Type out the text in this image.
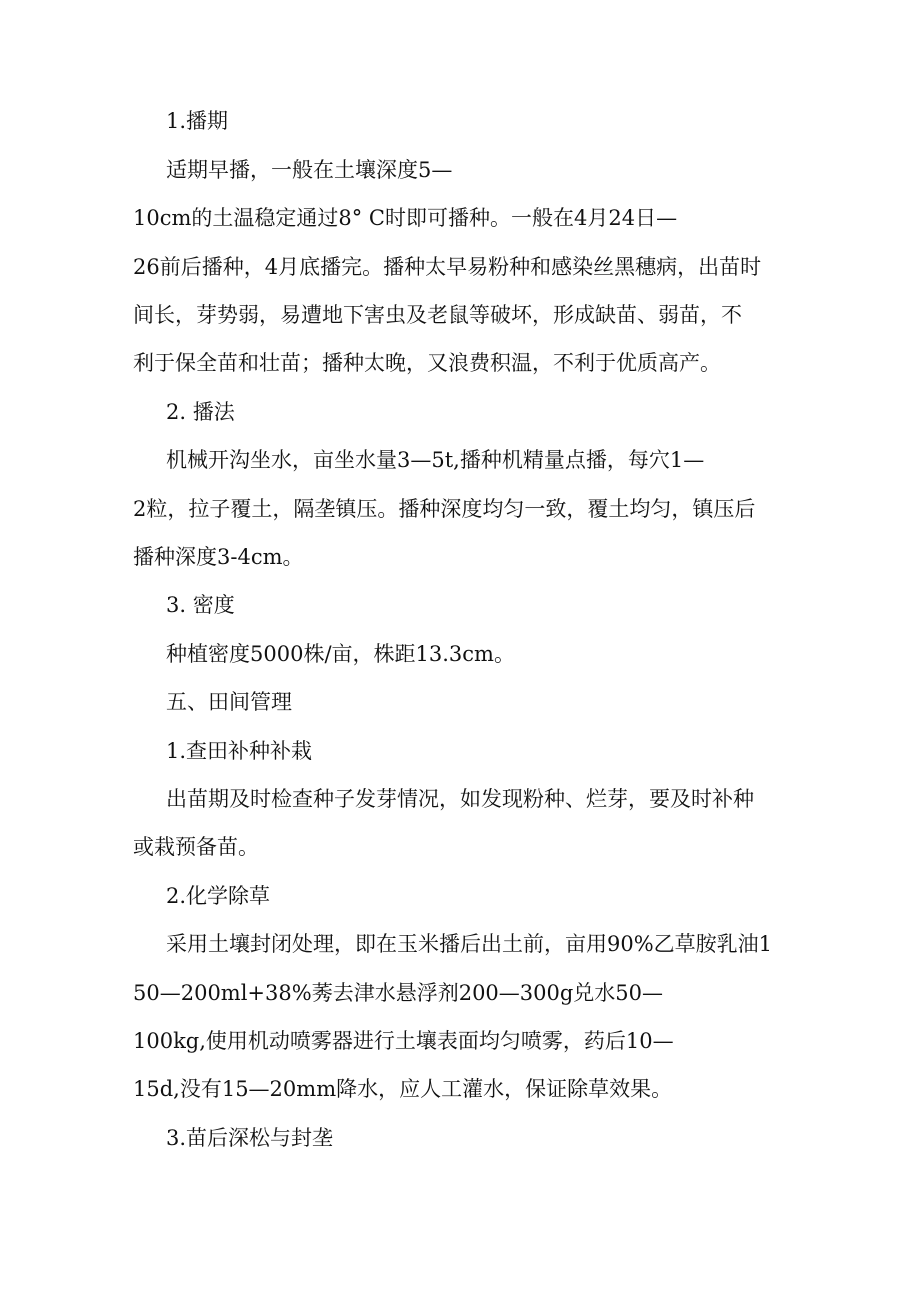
1.播期
适期早播，一般在土壤深度5—
10cm的土温稳定通过8° C时即可播种。一般在4月24日—
26前后播种，4月底播完。播种太早易粉种和感染丝黑穗病，出苗时
间长，芽势弱，易遭地下害虫及老鼠等破坏，形成缺苗、弱苗，不
利于保全苗和壮苗；播种太晚，又浪费积温，不利于优质高产。
2. 播法
机械开沟坐水，亩坐水量3—5t,播种机精量点播，每穴1—
2粒，拉子覆土，隔垄镇压。播种深度均匀一致，覆土均匀，镇压后
播种深度3-4cm。
3. 密度
种植密度5000株/亩，株距13.3cm。
五、田间管理
1.查田补种补栽
出苗期及时检查种子发芽情况，如发现粉种、烂芽，要及时补种
或栽预备苗。
2.化学除草
采用土壤封闭处理，即在玉米播后出土前，亩用90%乙草胺乳油1
50—200ml+38%莠去津水悬浮剂200—300g兑水50—
100kg,使用机动喷雾器进行土壤表面均匀喷雾，药后10—
15d,没有15—20mm降水，应人工灌水，保证除草效果。
3.苗后深松与封垄
